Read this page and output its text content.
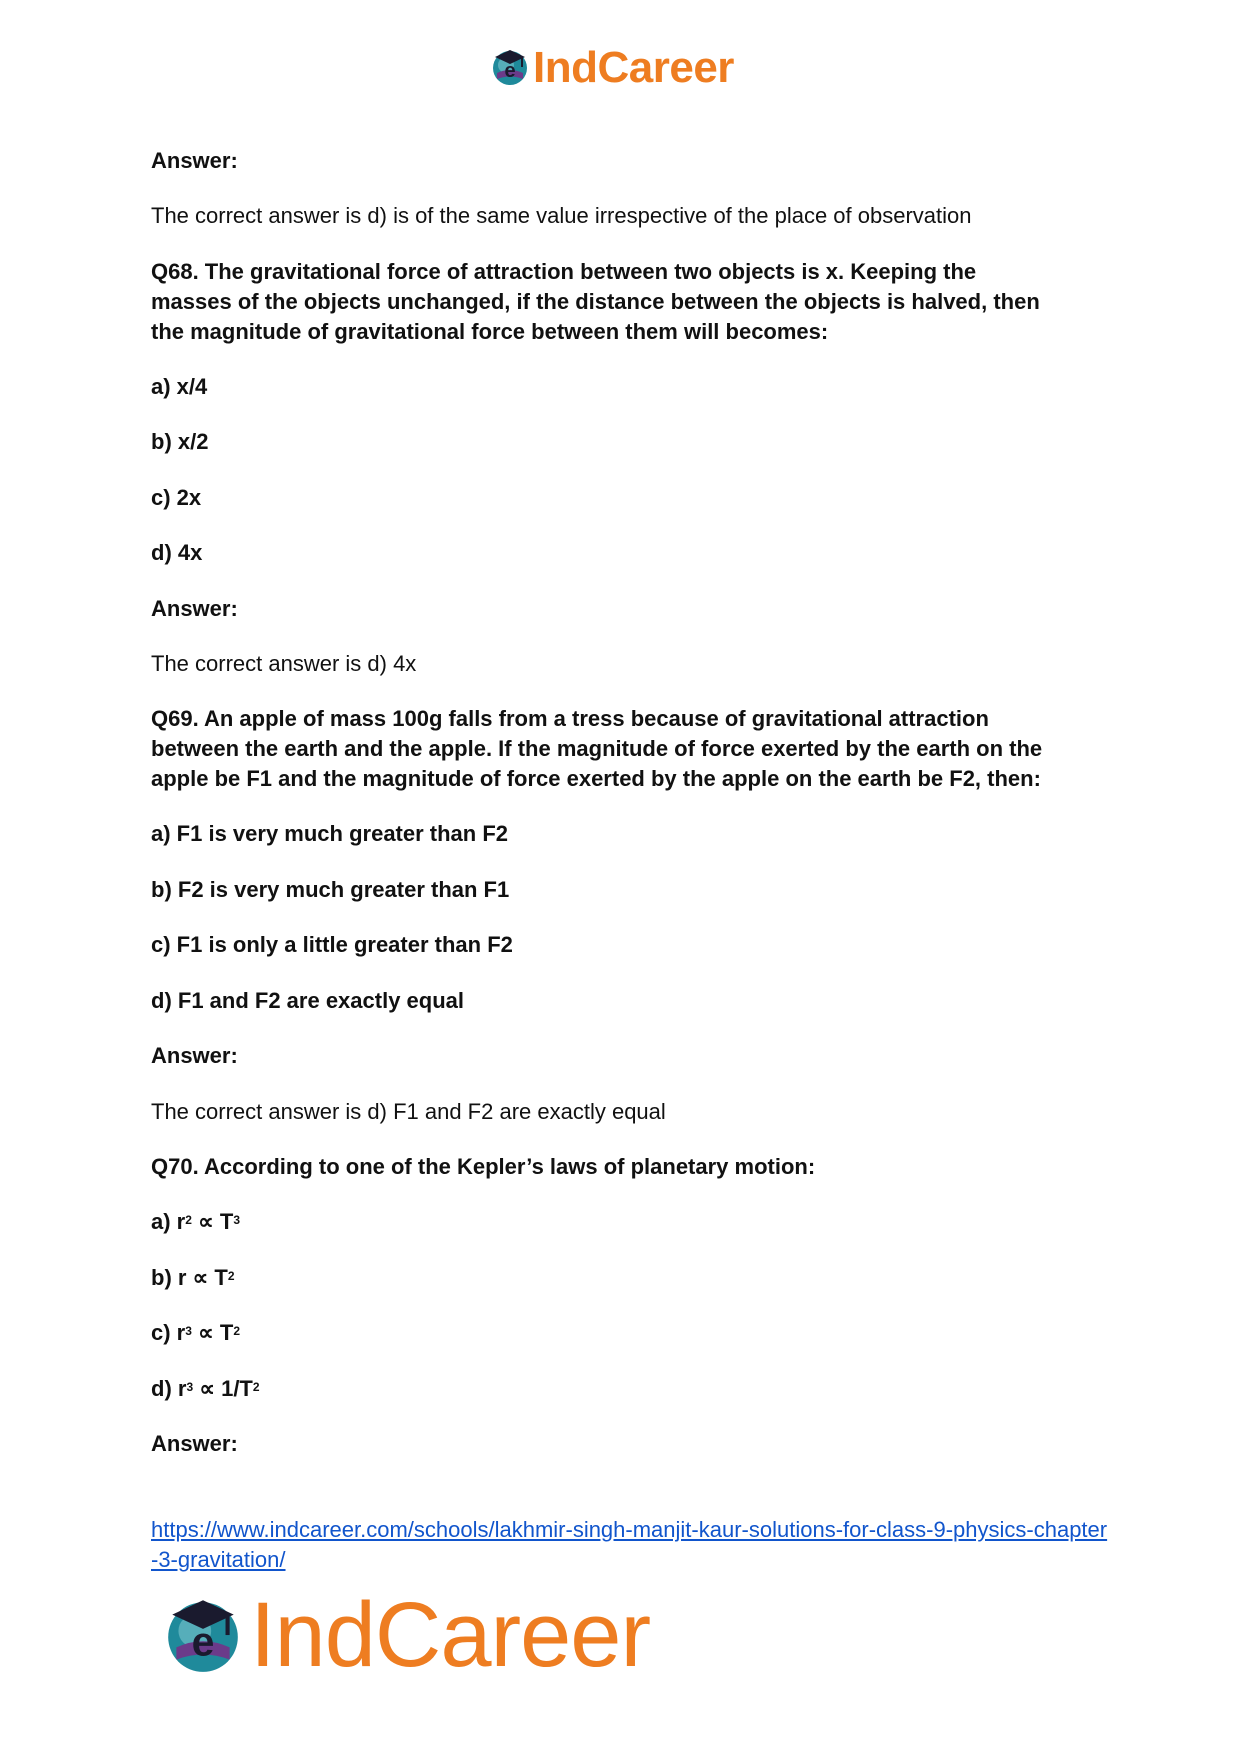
e IndCareer

Answer:

The correct answer is d) is of the same value irrespective of the place of observation

Q68. The gravitational force of attraction between two objects is x. Keeping the

masses of the objects unchanged, if the distance between the objects is halved, then

the magnitude of gravitational force between them will becomes:

a) x/4

b) x/2

c) 2x

d) 4x

Answer:

The correct answer is d) 4x

Q69. An apple of mass 100g falls from a tress because of gravitational attraction

between the earth and the apple. If the magnitude of force exerted by the earth on the

apple be F1 and the magnitude of force exerted by the apple on the earth be F2, then:

a) F1 is very much greater than F2

b) F2 is very much greater than F1

c) F1 is only a little greater than F2

d) F1 and F2 are exactly equal

Answer:

The correct answer is d) F1 and F2 are exactly equal

Q70. According to one of the Kepler’s laws of planetary motion:

a) $r^2 \propto T^3$

b) $r \propto T^2$

c) $r^3 \propto T^2$

d) $r^3 \propto 1/T^2$

Answer:

https://www.indcareer.com/schools/lakhmir-singh-manjit-kaur-solutions-for-class-9-physics-chapter-3-gravitation/
e IndCareer
